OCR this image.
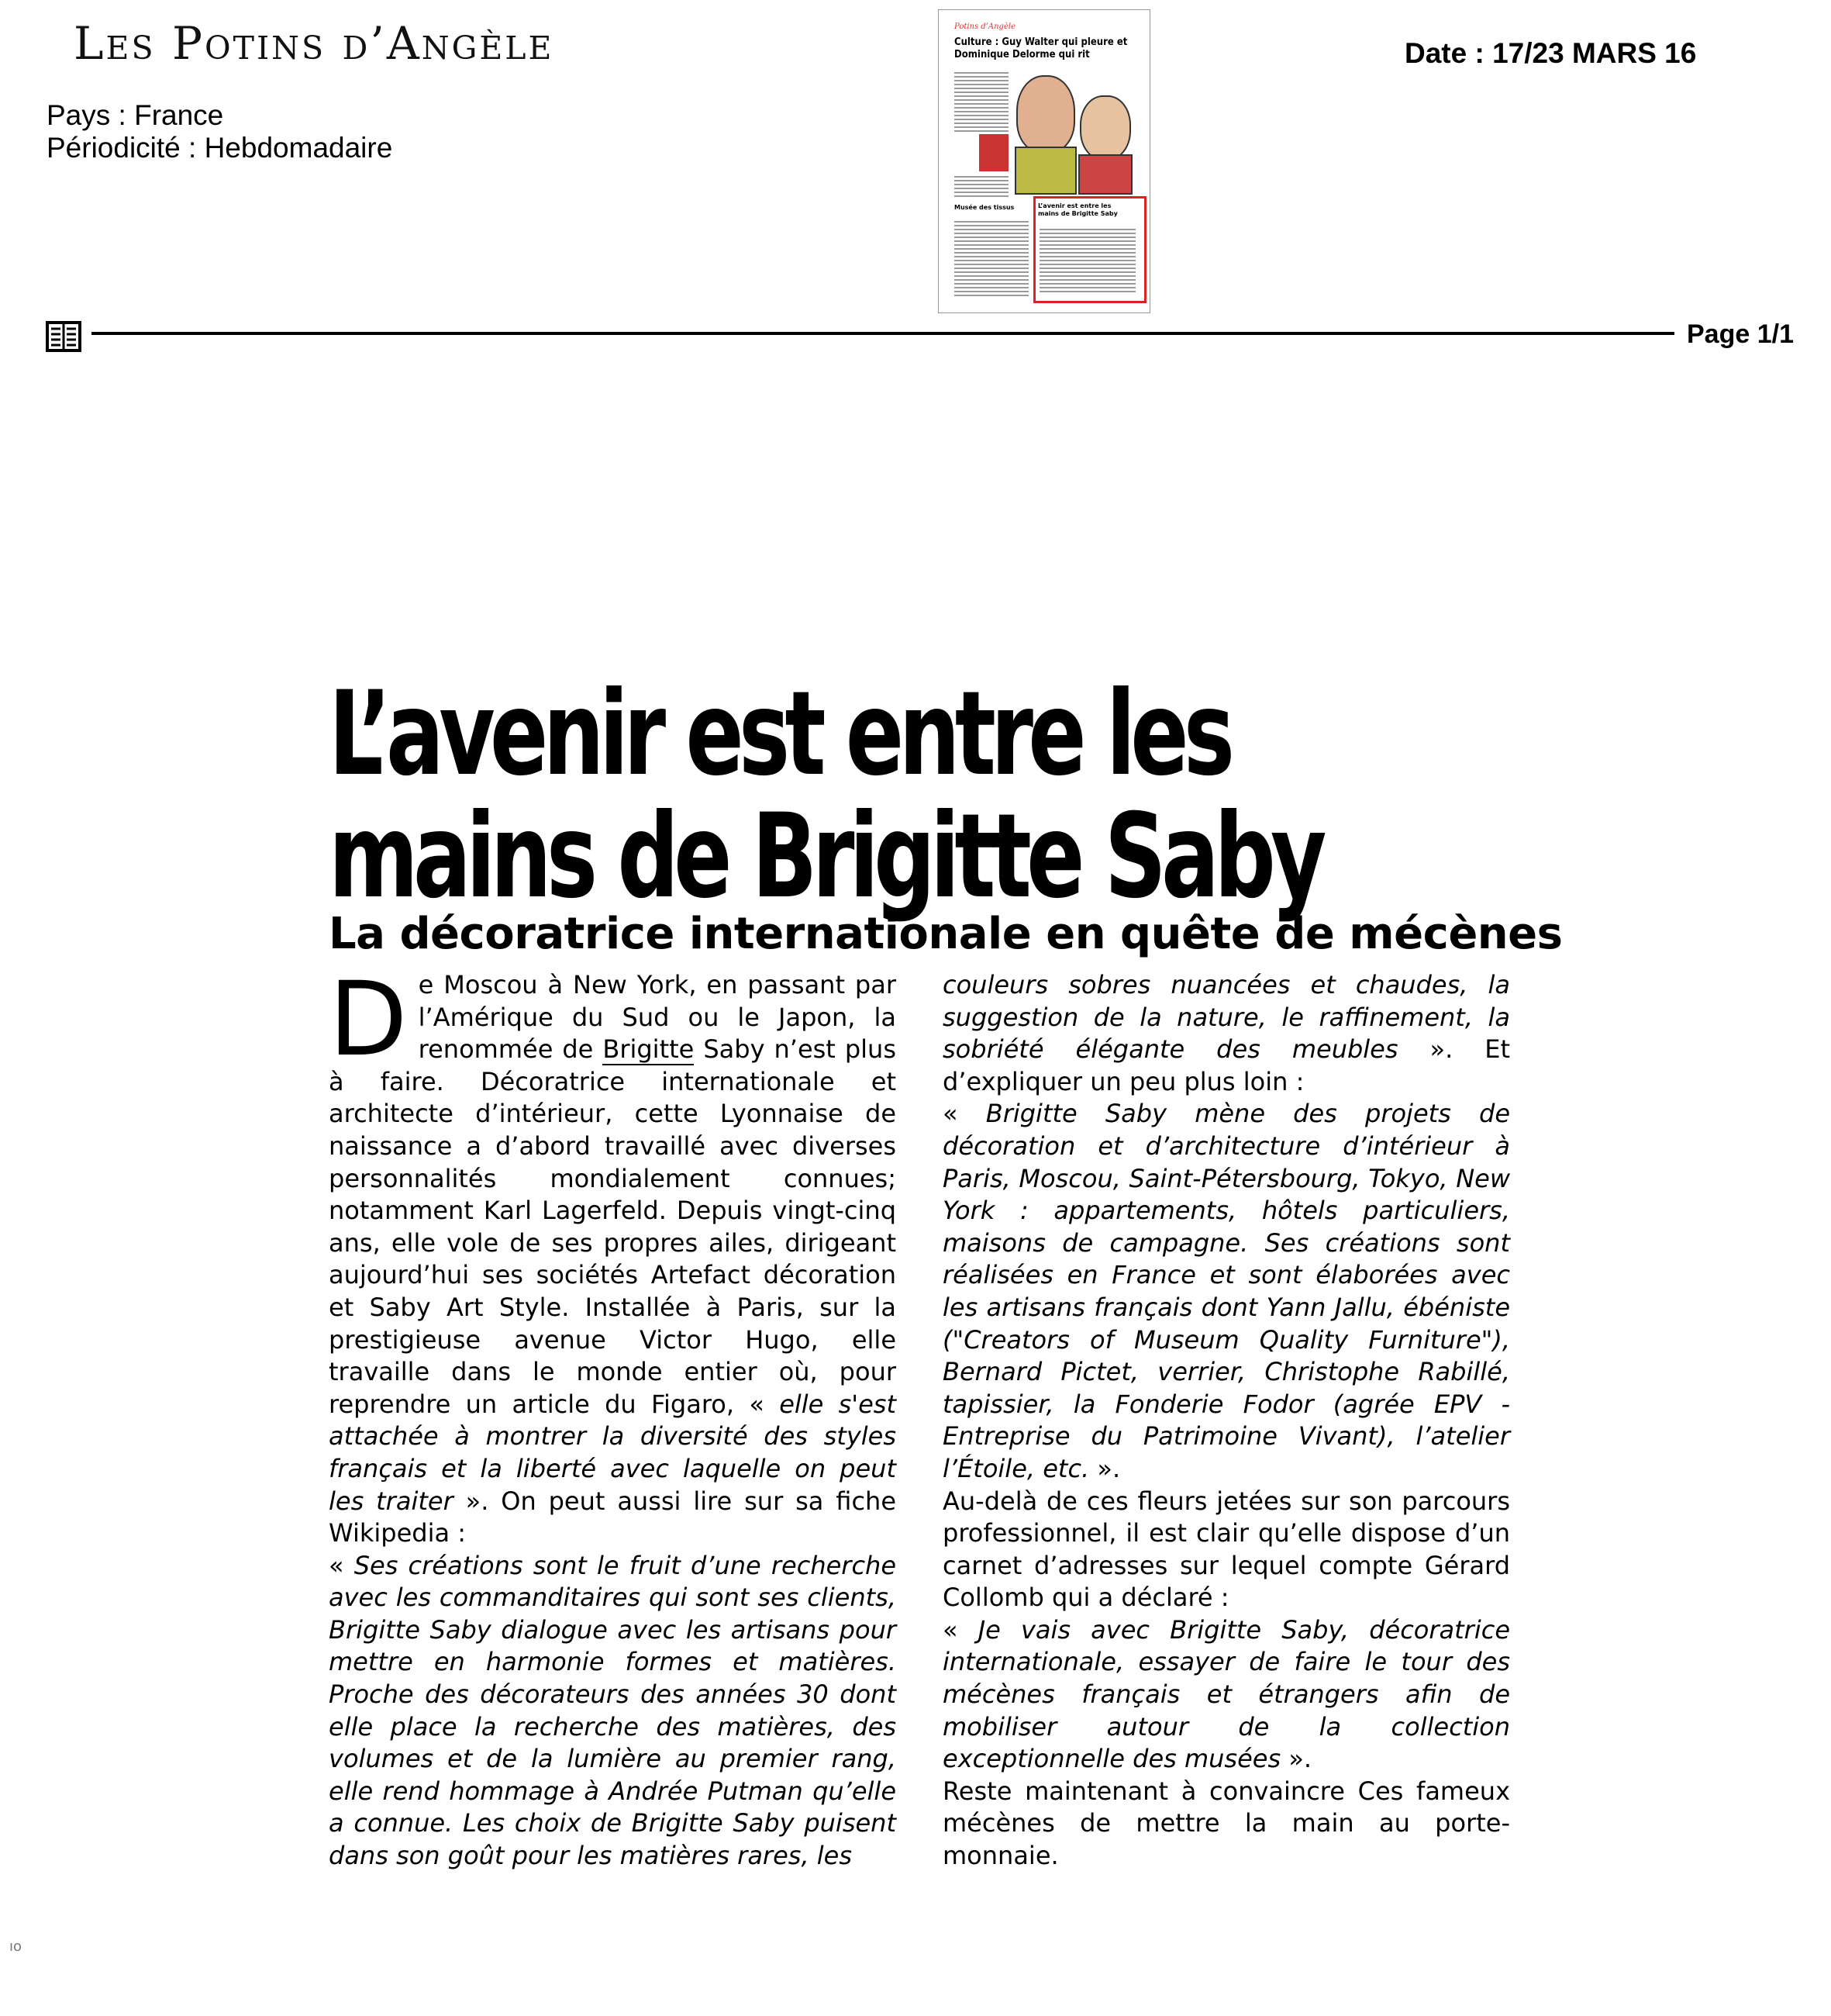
Les Potins d’Angèle
Pays : France
Périodicité : Hebdomadaire
Date : 17/23 MARS 16
Potins d’Angèle
Culture : Guy Walter qui pleure et Dominique Delorme qui rit
Musée des tissus	L’avenir est entre les mains de Brigitte Saby
Page 1/1
L’avenir est entre les
mains de Brigitte Saby
La décoratrice internationale en quête de mécènes

De Moscou à New York, en passant par l’Amérique du Sud ou le Japon, la renommée de Brigitte Saby n’est plus à faire. Décoratrice internationale et architecte d’intérieur, cette Lyonnaise de naissance a d’abord travaillé avec diverses personnalités mondialement connues; notamment Karl Lagerfeld. Depuis vingt-cinq ans, elle vole de ses propres ailes, dirigeant aujourd’hui ses sociétés Artefact décoration et Saby Art Style. Installée à Paris, sur la prestigieuse avenue Victor Hugo, elle travaille dans le monde entier où, pour reprendre un article du Figaro, « elle s'est attachée à montrer la diversité des styles français et la liberté avec laquelle on peut les traiter ». On peut aussi lire sur sa fiche Wikipedia :

« Ses créations sont le fruit d’une recherche avec les commanditaires qui sont ses clients, Brigitte Saby dialogue avec les artisans pour mettre en harmonie formes et matières. Proche des décorateurs des années 30 dont elle place la recherche des matières, des volumes et de la lumière au premier rang, elle rend hommage à Andrée Putman qu’elle a connue. Les choix de Brigitte Saby puisent dans son goût pour les matières rares, les

couleurs sobres nuancées et chaudes, la suggestion de la nature, le raffinement, la sobriété élégante des meubles ». Et d’expliquer un peu plus loin :

« Brigitte Saby mène des projets de décoration et d’architecture d’intérieur à Paris, Moscou, Saint-Pétersbourg, Tokyo, New York : appartements, hôtels particuliers, maisons de campagne. Ses créations sont réalisées en France et sont élaborées avec les artisans français dont Yann Jallu, ébéniste ("Creators of Museum Quality Furniture"), Bernard Pictet, verrier, Christophe Rabillé, tapissier, la Fonderie Fodor (agrée EPV - Entreprise du Patrimoine Vivant), l’atelier l’Étoile, etc. ».

Au-delà de ces fleurs jetées sur son parcours professionnel, il est clair qu’elle dispose d’un carnet d’adresses sur lequel compte Gérard Collomb qui a déclaré :

« Je vais avec Brigitte Saby, décoratrice internationale, essayer de faire le tour des mécènes français et étrangers afin de mobiliser autour de la collection exceptionnelle des musées ».

Reste maintenant à convaincre Ces fameux mécènes de mettre la main au porte-monnaie.

ıo
